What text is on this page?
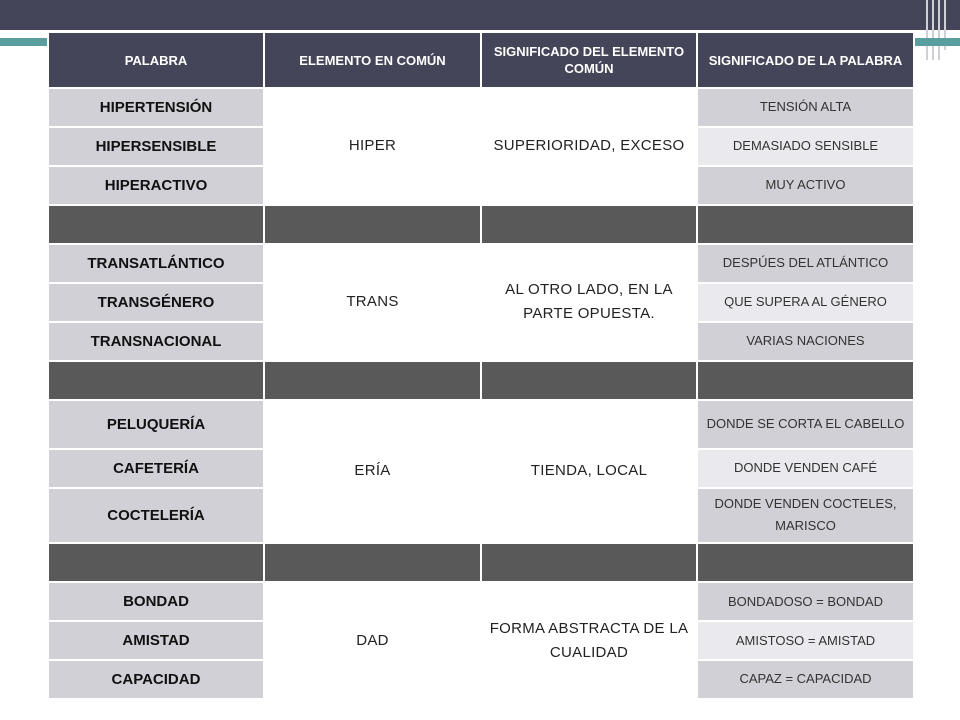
PALABRA	ELEMENTO EN COMÚN	SIGNIFICADO DEL ELEMENTO COMÚN	SIGNIFICADO DE LA PALABRA
HIPERTENSIÓN	HIPER	SUPERIORIDAD, EXCESO	TENSIÓN ALTA
HIPERSENSIBLE			DEMASIADO SENSIBLE
HIPERACTIVO			MUY ACTIVO

TRANSATLÁNTICO	TRANS	AL OTRO LADO, EN LA PARTE OPUESTA.	DESPÚES DEL ATLÁNTICO
TRANSGÉNERO			QUE SUPERA AL GÉNERO
TRANSNACIONAL			VARIAS NACIONES

PELUQUERÍA	ERÍA	TIENDA, LOCAL	DONDE SE CORTA EL CABELLO
CAFETERÍA			DONDE VENDEN CAFÉ
COCTELERÍA			DONDE VENDEN COCTELES, MARISCO

BONDAD	DAD	FORMA ABSTRACTA DE LA CUALIDAD	BONDADOSO = BONDAD
AMISTAD			AMISTOSO = AMISTAD
CAPACIDAD			CAPAZ = CAPACIDAD
